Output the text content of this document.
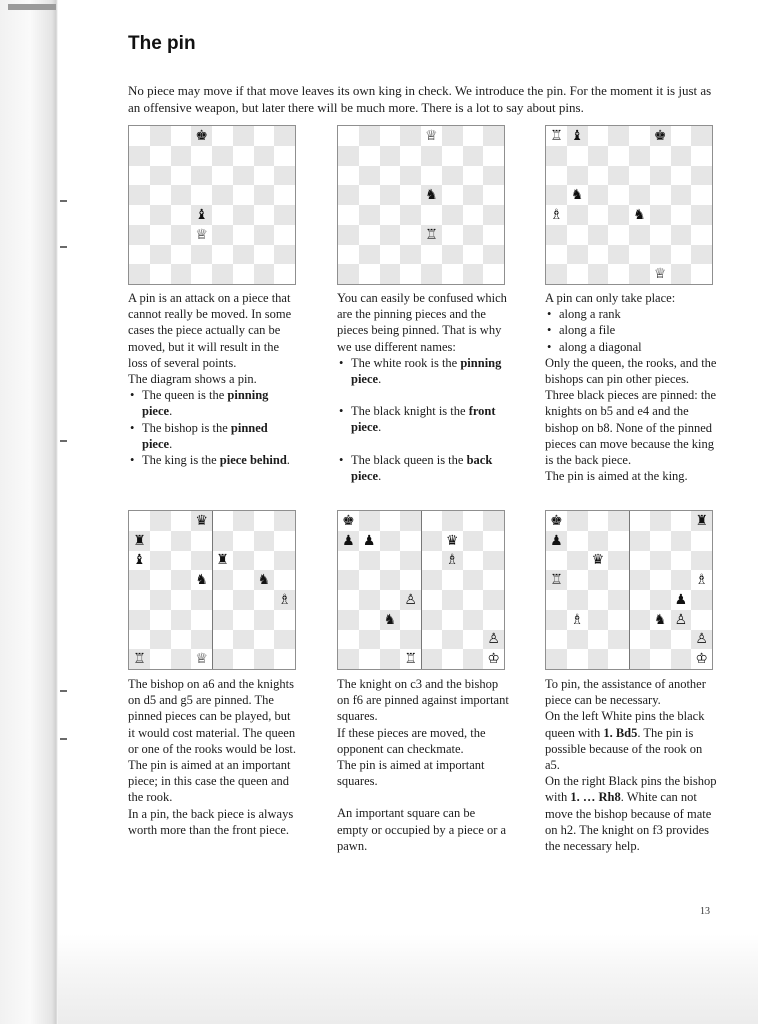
The pin

No piece may move if that move leaves its own king in check. We introduce the pin. For the moment it is just as an offensive weapon, but later there will be much more. There is a lot to say about pins.

♚
♝
♕
♕
♞
♖
♖ ♝	♚
♞
♗	♞
♕
♛
♜
♝	♜
♞	♞
♗
♖	♕
♚
♟ ♟	♛
♗
♙
♞
♙
♖	♔
♚	♜
♟
♛
♖	♗
♟
♗	♞ ♙
♙
♔

A pin is an attack on a piece that cannot really be moved. In some cases the piece actually can be moved, but it will result in the loss of several points.

The diagram shows a pin.

• The queen is the pinning piece.
• The bishop is the pinned piece.
• The king is the piece behind.

You can easily be confused which are the pinning pieces and the pieces being pinned. That is why we use different names:

• The white rook is the pinning piece.
• The black knight is the front piece.
• The black queen is the back piece.

A pin can only take place:

• along a rank
• along a file
• along a diagonal

Only the queen, the rooks, and the bishops can pin other pieces. Three black pieces are pinned: the knights on b5 and e4 and the bishop on b8. None of the pinned pieces can move because the king is the back piece.

The pin is aimed at the king.

The bishop on a6 and the knights on d5 and g5 are pinned. The pinned pieces can be played, but it would cost material. The queen or one of the rooks would be lost.

The pin is aimed at an important piece; in this case the queen and the rook.

In a pin, the back piece is always worth more than the front piece.

The knight on c3 and the bishop on f6 are pinned against important squares.

If these pieces are moved, the opponent can checkmate.

The pin is aimed at important squares.

An important square can be empty or occupied by a piece or a pawn.

To pin, the assistance of another piece can be necessary.

On the left White pins the black queen with 1. Bd5. The pin is possible because of the rook on a5.

On the right Black pins the bishop with 1. … Rh8. White can not move the bishop because of mate on h2. The knight on f3 provides the necessary help.

13
